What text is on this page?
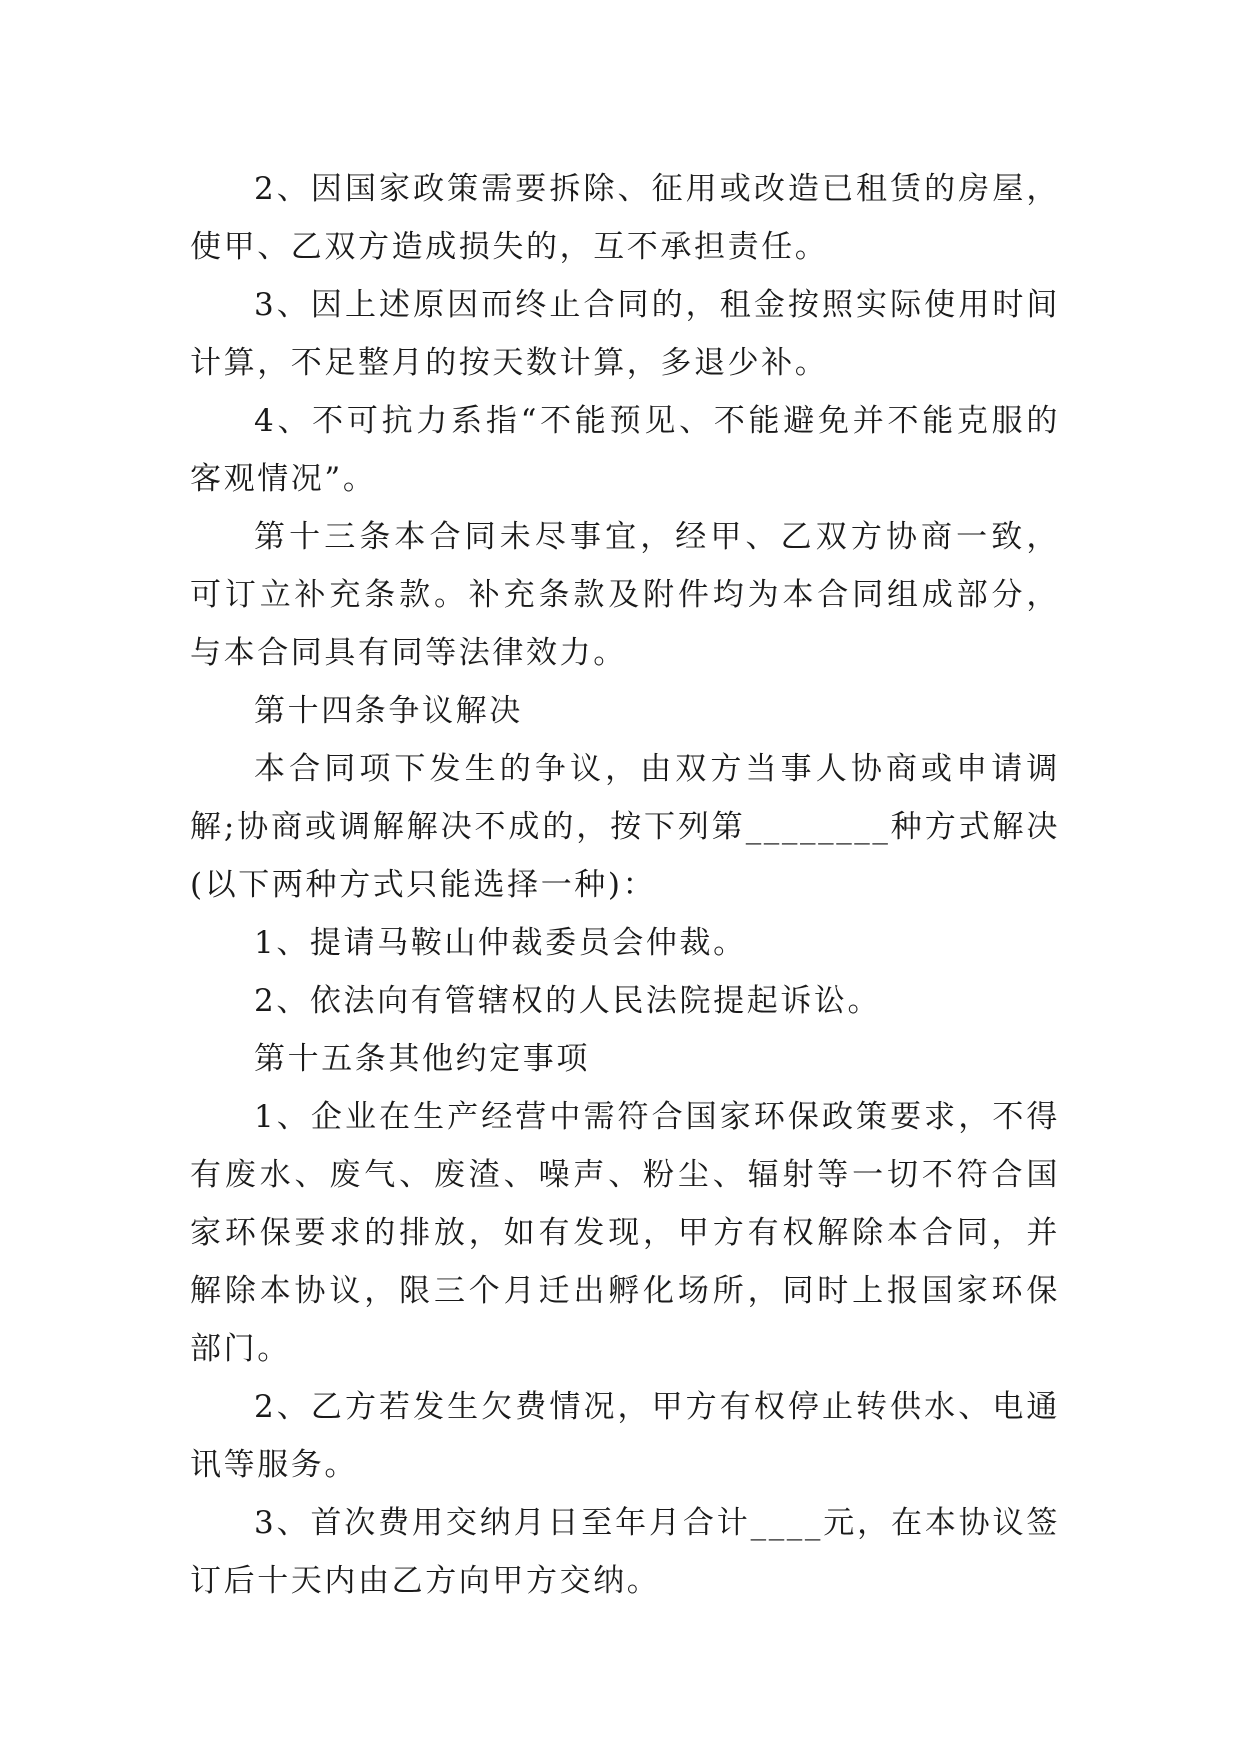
2、因国家政策需要拆除、征用或改造已租赁的房屋，使甲、乙双方造成损失的，互不承担责任。

3、因上述原因而终止合同的，租金按照实际使用时间计算，不足整月的按天数计算，多退少补。

4、不可抗力系指“不能预见、不能避免并不能克服的客观情况”。

第十三条本合同未尽事宜，经甲、乙双方协商一致，可订立补充条款。补充条款及附件均为本合同组成部分，与本合同具有同等法律效力。

第十四条争议解决

本合同项下发生的争议，由双方当事人协商或申请调解;协商或调解解决不成的，按下列第________种方式解决(以下两种方式只能选择一种)：

1、提请马鞍山仲裁委员会仲裁。

2、依法向有管辖权的人民法院提起诉讼。

第十五条其他约定事项

1、企业在生产经营中需符合国家环保政策要求，不得有废水、废气、废渣、噪声、粉尘、辐射等一切不符合国家环保要求的排放，如有发现，甲方有权解除本合同，并解除本协议，限三个月迁出孵化场所，同时上报国家环保部门。

2、乙方若发生欠费情况，甲方有权停止转供水、电通讯等服务。

3、首次费用交纳月日至年月合计____元，在本协议签订后十天内由乙方向甲方交纳。
